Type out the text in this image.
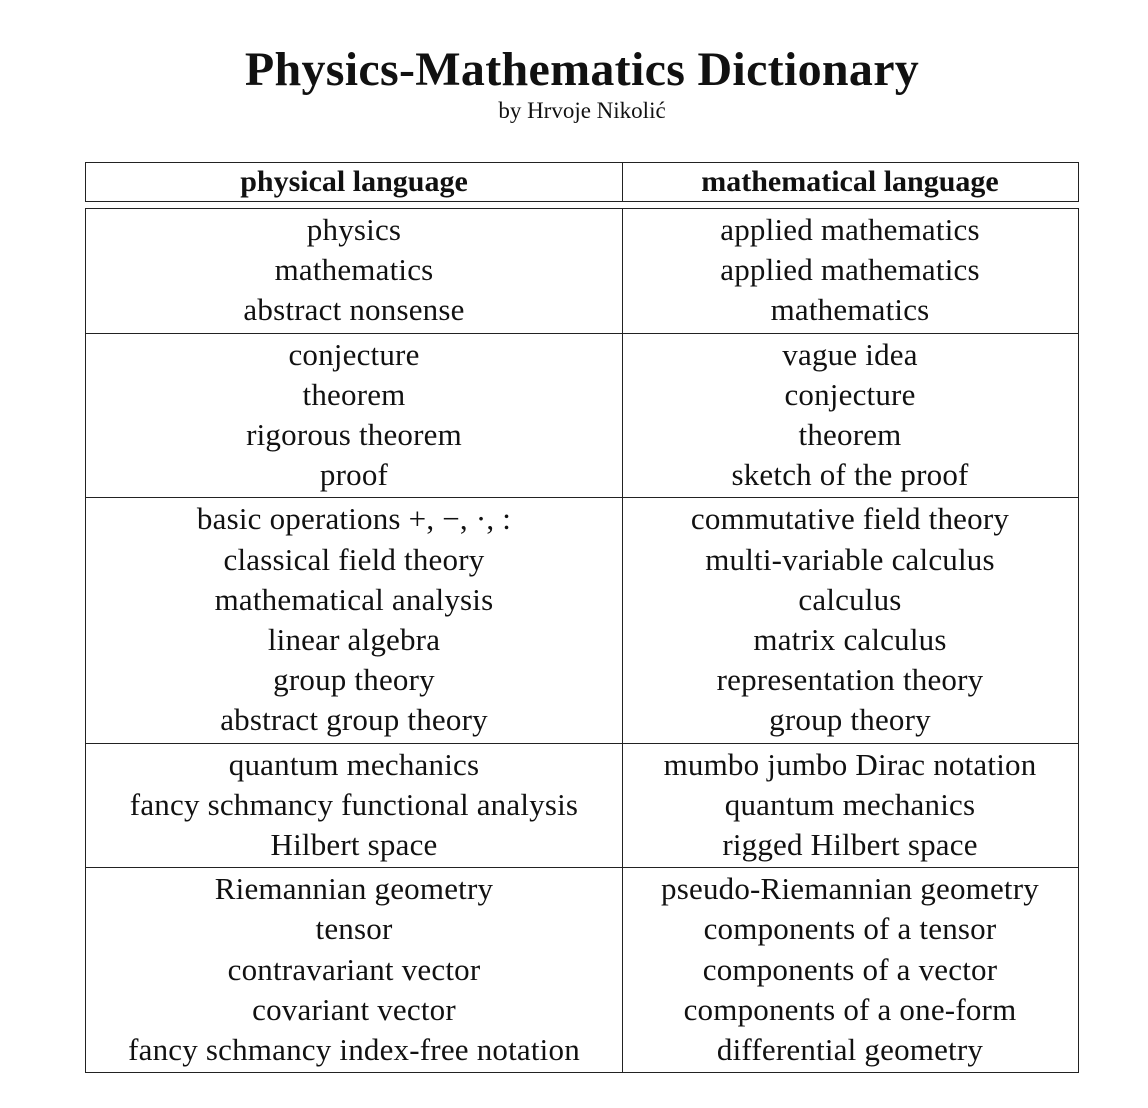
Physics-Mathematics Dictionary
by Hrvoje Nikolić
physical language	mathematical language
physics
mathematics
abstract nonsense
applied mathematics
applied mathematics
mathematics
conjecture
theorem
rigorous theorem
proof
vague idea
conjecture
theorem
sketch of the proof
basic operations +, −, ·, :
classical field theory
mathematical analysis
linear algebra
group theory
abstract group theory
commutative field theory
multi-variable calculus
calculus
matrix calculus
representation theory
group theory
quantum mechanics
fancy schmancy functional analysis
Hilbert space
mumbo jumbo Dirac notation
quantum mechanics
rigged Hilbert space
Riemannian geometry
tensor
contravariant vector
covariant vector
fancy schmancy index-free notation
pseudo-Riemannian geometry
components of a tensor
components of a vector
components of a one-form
differential geometry
